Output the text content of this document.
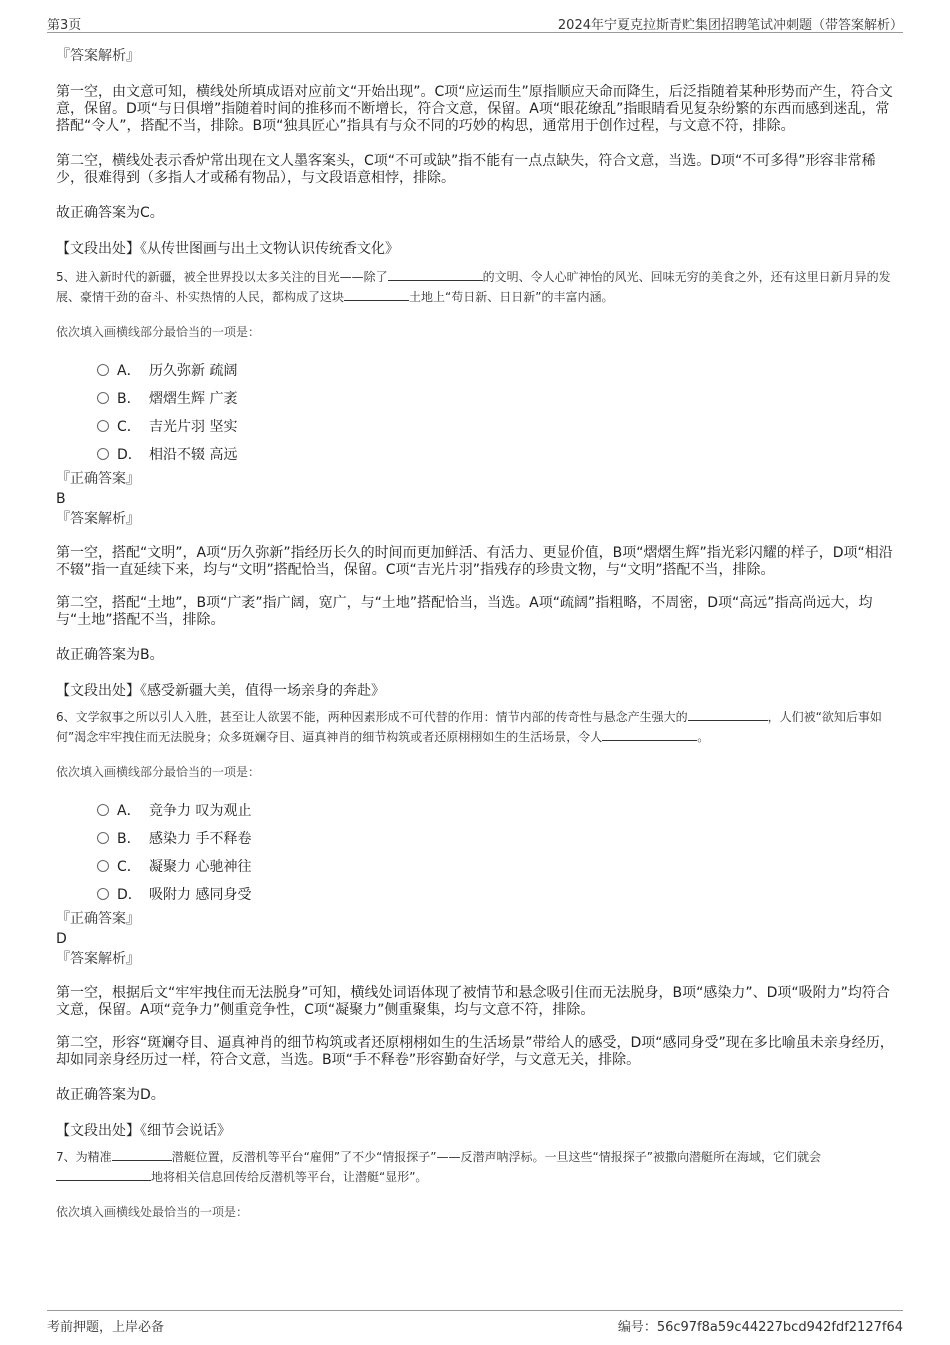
第3页	2024年宁夏克拉斯青贮集团招聘笔试冲刺题（带答案解析）

『答案解析』

第一空，由文意可知，横线处所填成语对应前文“开始出现”。C项“应运而生”原指顺应天命而降生，后泛指随着某种形势而产生，符合文意，保留。D项“与日俱增”指随着时间的推移而不断增长，符合文意，保留。A项“眼花缭乱”指眼睛看见复杂纷繁的东西而感到迷乱，常搭配“令人”，搭配不当，排除。B项“独具匠心”指具有与众不同的巧妙的构思，通常用于创作过程，与文意不符，排除。

第二空，横线处表示香炉常出现在文人墨客案头，C项“不可或缺”指不能有一点点缺失，符合文意，当选。D项“不可多得”形容非常稀少，很难得到（多指人才或稀有物品），与文段语意相悖，排除。

故正确答案为C。

【文段出处】《从传世图画与出土文物认识传统香文化》

5、进入新时代的新疆，被全世界投以太多关注的目光——除了	的文明、令人心旷神怡的风光、回味无穷的美食之外，还有这里日新月异的发展、豪情干劲的奋斗、朴实热情的人民，都构成了这块	土地上“苟日新、日日新”的丰富内涵。

依次填入画横线部分最恰当的一项是：

A． 历久弥新 疏阔
B． 熠熠生辉 广袤
C． 吉光片羽 坚实
D． 相沿不辍 高远

『正确答案』

B

『答案解析』

第一空，搭配“文明”，A项“历久弥新”指经历长久的时间而更加鲜活、有活力、更显价值，B项“熠熠生辉”指光彩闪耀的样子，D项“相沿不辍”指一直延续下来，均与“文明”搭配恰当，保留。C项“吉光片羽”指残存的珍贵文物，与“文明”搭配不当，排除。

第二空，搭配“土地”，B项“广袤”指广阔，宽广，与“土地”搭配恰当，当选。A项“疏阔”指粗略，不周密，D项“高远”指高尚远大，均与“土地”搭配不当，排除。

故正确答案为B。

【文段出处】《感受新疆大美，值得一场亲身的奔赴》

6、文学叙事之所以引人入胜，甚至让人欲罢不能，两种因素形成不可代替的作用：情节内部的传奇性与悬念产生强大的	，人们被“欲知后事如何”渴念牢牢拽住而无法脱身；众多斑斓夺目、逼真神肖的细节构筑或者还原栩栩如生的生活场景，令人	。

依次填入画横线部分最恰当的一项是：

A． 竞争力 叹为观止
B． 感染力 手不释卷
C． 凝聚力 心驰神往
D． 吸附力 感同身受

『正确答案』

D

『答案解析』

第一空，根据后文“牢牢拽住而无法脱身”可知，横线处词语体现了被情节和悬念吸引住而无法脱身，B项“感染力”、D项“吸附力”均符合文意，保留。A项“竞争力”侧重竞争性，C项“凝聚力”侧重聚集，均与文意不符，排除。

第二空，形容“斑斓夺目、逼真神肖的细节构筑或者还原栩栩如生的生活场景”带给人的感受，D项“感同身受”现在多比喻虽未亲身经历，却如同亲身经历过一样，符合文意，当选。B项“手不释卷”形容勤奋好学，与文意无关，排除。

故正确答案为D。

【文段出处】《细节会说话》

7、为精准	潜艇位置，反潜机等平台“雇佣”了不少“情报探子”——反潜声呐浮标。一旦这些“情报探子”被撒向潜艇所在海域，它们就会地将相关信息回传给反潜机等平台，让潜艇“显形”。

依次填入画横线处最恰当的一项是：

考前押题，上岸必备	编号：56c97f8a59c44227bcd942fdf2127f64
